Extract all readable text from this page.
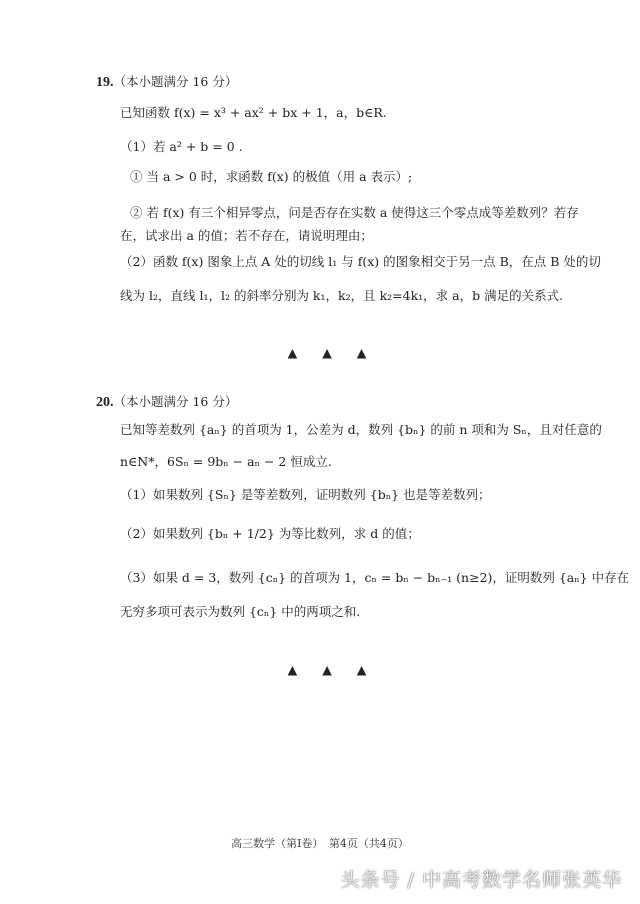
19.（本小题满分 16 分）
已知函数 f(x) = x³ + ax² + bx + 1，a，b∈R.
（1）若 a² + b = 0 .
① 当 a > 0 时，求函数 f(x) 的极值（用 a 表示）;
② 若 f(x) 有三个相异零点，问是否存在实数 a 使得这三个零点成等差数列？若存
在，试求出 a 的值；若不存在，请说明理由；
（2）函数 f(x) 图象上点 A 处的切线 l₁ 与 f(x) 的图象相交于另一点 B，在点 B 处的切
线为 l₂，直线 l₁，l₂ 的斜率分别为 k₁，k₂，且 k₂=4k₁，求 a，b 满足的关系式.
▲　　▲　　▲
20.（本小题满分 16 分）
已知等差数列 {aₙ} 的首项为 1，公差为 d，数列 {bₙ} 的前 n 项和为 Sₙ，且对任意的
n∈N*，6Sₙ = 9bₙ − aₙ − 2 恒成立.
（1）如果数列 {Sₙ} 是等差数列，证明数列 {bₙ} 也是等差数列；
（2）如果数列 {bₙ + 1/2} 为等比数列，求 d 的值；
（3）如果 d = 3，数列 {cₙ} 的首项为 1，cₙ = bₙ − bₙ₋₁ (n≥2)，证明数列 {aₙ} 中存在
无穷多项可表示为数列 {cₙ} 中的两项之和.
▲　　▲　　▲
高三数学（第Ⅰ卷）　第4页（共4页）
头条号 / 中高考数学名师张英华
